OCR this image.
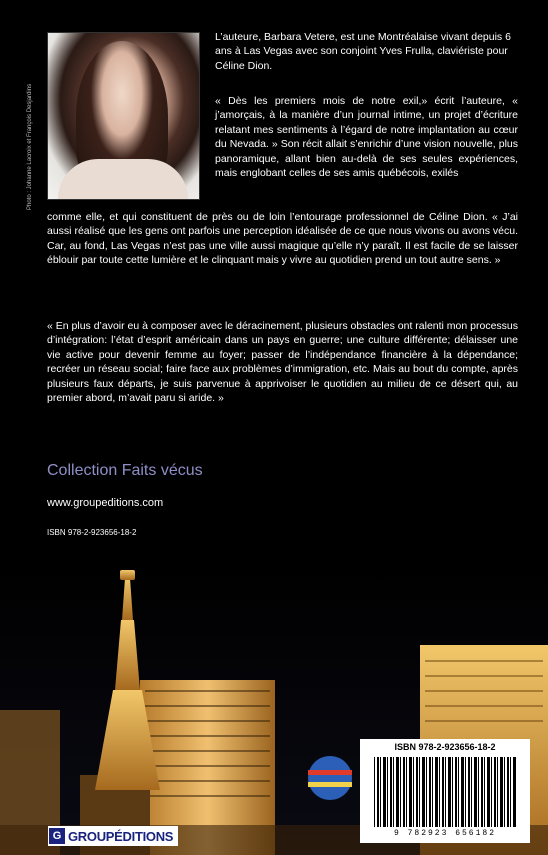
Photo : Johanne Lacroix et François Desjardins
L’auteure, Barbara Vetere, est une Montréalaise vivant depuis 6 ans à Las Vegas avec son conjoint Yves Frulla, claviériste pour Céline Dion.
« Dès les premiers mois de notre exil,» écrit l’auteure, « j’amorçais, à la manière d’un journal intime, un projet d’écriture relatant mes sentiments à l’égard de notre implantation au cœur du Nevada. » Son récit allait s’enrichir d’une vision nouvelle, plus panoramique, allant bien au-delà de ses seules expériences, mais englobant celles de ses amis québécois, exilés
comme elle, et qui constituent de près ou de loin l’entourage professionnel de Céline Dion. « J’ai aussi réalisé que les gens ont parfois une perception idéalisée de ce que nous vivons ou avons vécu. Car, au fond, Las Vegas n’est pas une ville aussi magique qu’elle n’y paraît. Il est facile de se laisser éblouir par toute cette lumière et le clinquant mais y vivre au quotidien prend un tout autre sens. »
« En plus d’avoir eu à composer avec le déracinement, plusieurs obstacles ont ralenti mon processus d’intégration: l’état d’esprit américain dans un pays en guerre; une culture différente; délaisser une vie active pour devenir femme au foyer; passer de l’indépendance financière à la dépendance; recréer un réseau social; faire face aux problèmes d’immigration, etc. Mais au bout du compte, après plusieurs faux départs, je suis parvenue à apprivoiser le quotidien au milieu de ce désert qui, au premier abord, m’avait paru si aride. »
Collection Faits vécus
www.groupeditions.com
ISBN 978-2-923656-18-2
ISBN 978-2-923656-18-2
9 782923 656182
G GROUPÉDITIONS
